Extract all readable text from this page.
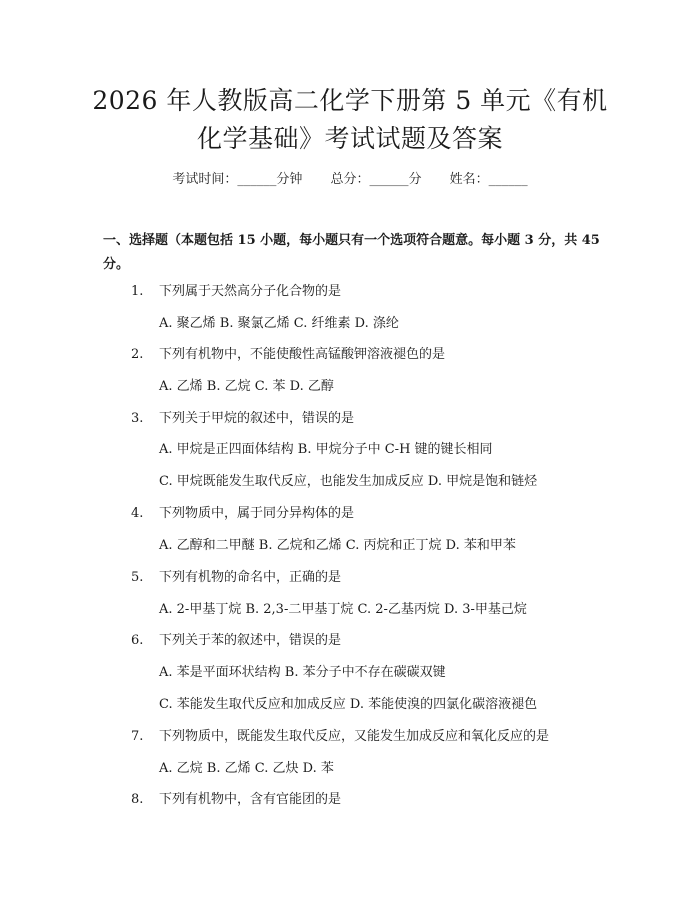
2026 年人教版高二化学下册第 5 单元《有机
化学基础》考试试题及答案
考试时间：______分钟 总分：______分 姓名：______
一、选择题（本题包括 15 小题，每小题只有一个选项符合题意。每小题 3 分，共 45 分。
1.	下列属于天然高分子化合物的是
A. 聚乙烯 B. 聚氯乙烯 C. 纤维素 D. 涤纶
2.	下列有机物中，不能使酸性高锰酸钾溶液褪色的是
A. 乙烯 B. 乙烷 C. 苯 D. 乙醇
3.	下列关于甲烷的叙述中，错误的是
A. 甲烷是正四面体结构 B. 甲烷分子中 C-H 键的键长相同
C. 甲烷既能发生取代反应，也能发生加成反应 D. 甲烷是饱和链烃
4.	下列物质中，属于同分异构体的是
A. 乙醇和二甲醚 B. 乙烷和乙烯 C. 丙烷和正丁烷 D. 苯和甲苯
5.	下列有机物的命名中，正确的是
A. 2-甲基丁烷 B. 2,3-二甲基丁烷 C. 2-乙基丙烷 D. 3-甲基己烷
6.	下列关于苯的叙述中，错误的是
A. 苯是平面环状结构 B. 苯分子中不存在碳碳双键
C. 苯能发生取代反应和加成反应 D. 苯能使溴的四氯化碳溶液褪色
7.	下列物质中，既能发生取代反应，又能发生加成反应和氧化反应的是
A. 乙烷 B. 乙烯 C. 乙炔 D. 苯
8.	下列有机物中，含有官能团的是
